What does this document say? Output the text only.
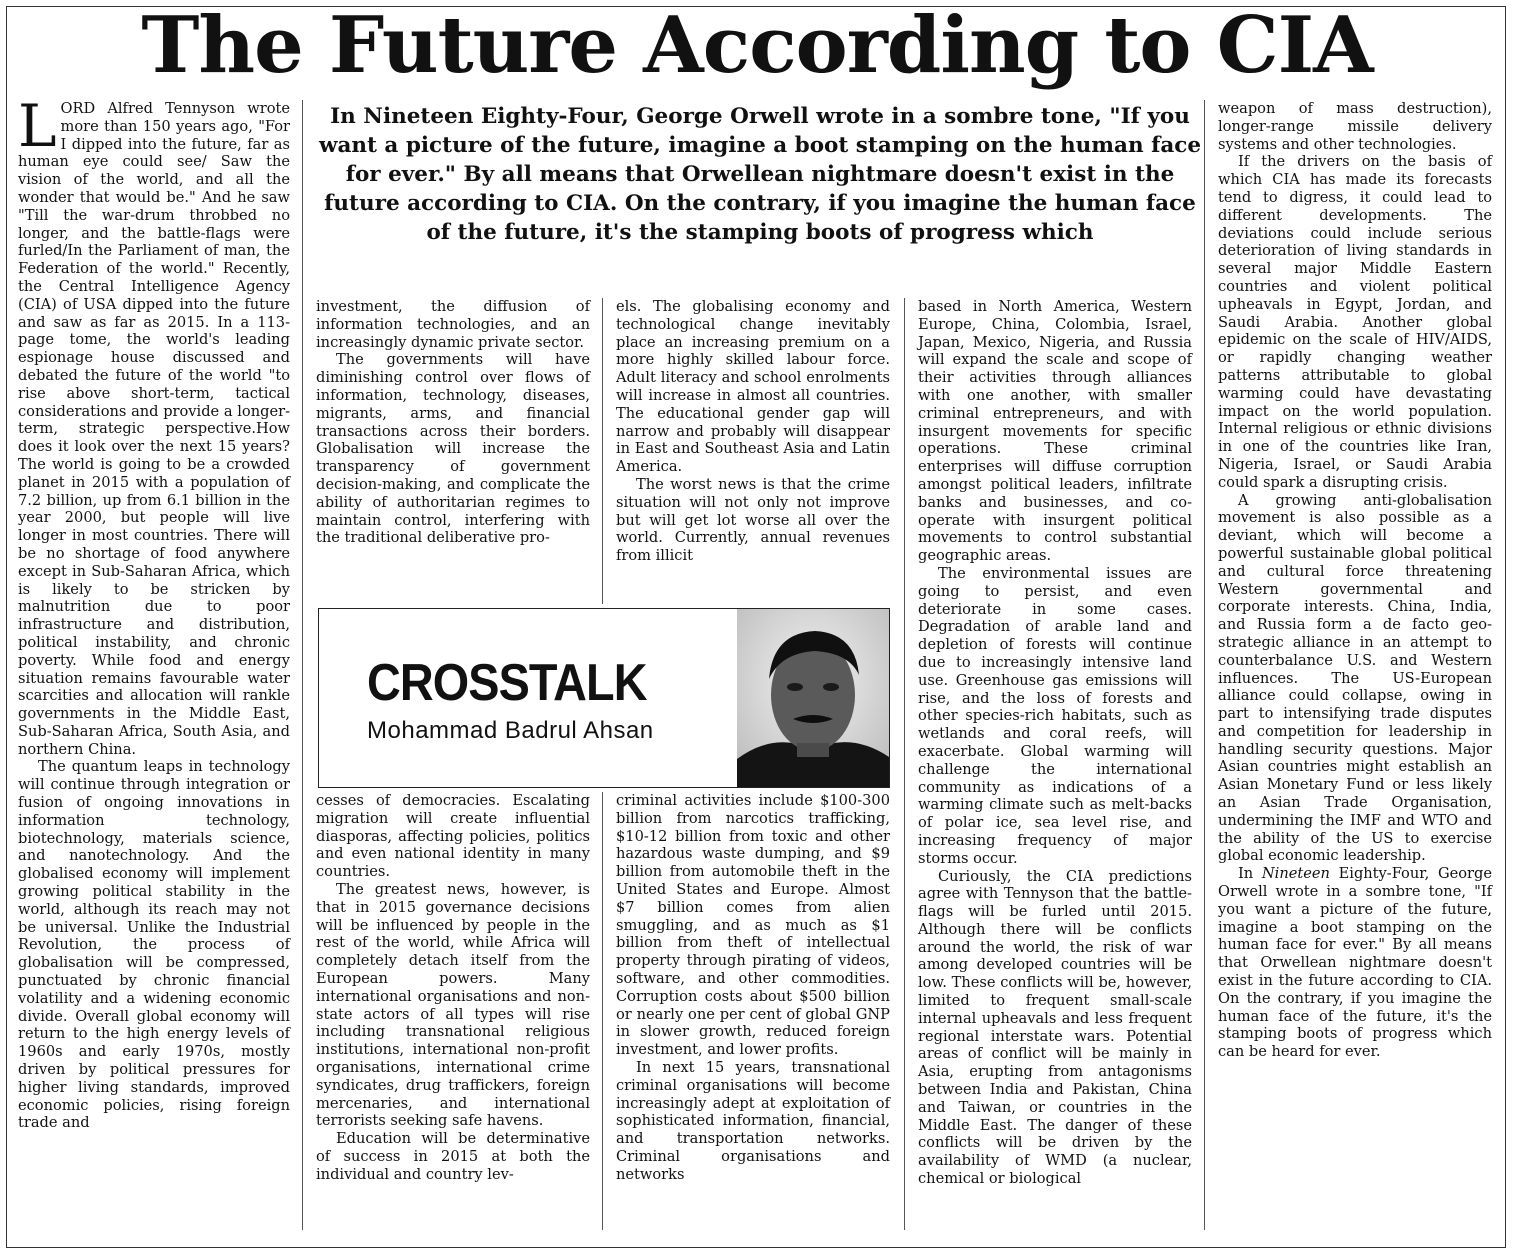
The Future According to CIA

LORD Alfred Tennyson wrote more than 150 years ago, "For I dipped into the future, far as human eye could see/ Saw the vision of the world, and all the wonder that would be." And he saw "Till the war-drum throbbed no longer, and the battle-flags were furled/In the Parliament of man, the Federation of the world." Recently, the Central Intelligence Agency (CIA) of USA dipped into the future and saw as far as 2015. In a 113-page tome, the world's leading espionage house discussed and debated the future of the world "to rise above short-term, tactical considerations and provide a longer-term, strategic perspective.How does it look over the next 15 years? The world is going to be a crowded planet in 2015 with a population of 7.2 billion, up from 6.1 billion in the year 2000, but people will live longer in most countries. There will be no shortage of food anywhere except in Sub-Saharan Africa, which is likely to be stricken by malnutrition due to poor infrastructure and distribution, political instability, and chronic poverty. While food and energy situation remains favourable water scarcities and allocation will rankle governments in the Middle East, Sub-Saharan Africa, South Asia, and northern China.

The quantum leaps in technology will continue through integration or fusion of ongoing innovations in information technology, biotechnology, materials science, and nanotechnology. And the globalised economy will implement growing political stability in the world, although its reach may not be universal. Unlike the Industrial Revolution, the process of globalisation will be compressed, punctuated by chronic financial volatility and a widening economic divide. Overall global economy will return to the high energy levels of 1960s and early 1970s, mostly driven by political pressures for higher living standards, improved economic policies, rising foreign trade and

In Nineteen Eighty-Four, George Orwell wrote in a sombre tone, "If you want a picture of the future, imagine a boot stamping on the human face for ever." By all means that Orwellean nightmare doesn't exist in the future according to CIA. On the contrary, if you imagine the human face of the future, it's the stamping boots of progress which

investment, the diffusion of information technologies, and an increasingly dynamic private sector.

The governments will have diminishing control over flows of information, technology, diseases, migrants, arms, and financial transactions across their borders. Globalisation will increase the transparency of government decision-making, and complicate the ability of authoritarian regimes to maintain control, interfering with the traditional deliberative pro-

els. The globalising economy and technological change inevitably place an increasing premium on a more highly skilled labour force. Adult literacy and school enrolments will increase in almost all countries. The educational gender gap will narrow and probably will disappear in East and Southeast Asia and Latin America.

The worst news is that the crime situation will not only not improve but will get lot worse all over the world. Currently, annual revenues from illicit

CROSSTALK
Mohammad Badrul Ahsan

cesses of democracies. Escalating migration will create influential diasporas, affecting policies, politics and even national identity in many countries.

The greatest news, however, is that in 2015 governance decisions will be influenced by people in the rest of the world, while Africa will completely detach itself from the European powers. Many international organisations and non-state actors of all types will rise including transnational religious institutions, international non-profit organisations, international crime syndicates, drug traffickers, foreign mercenaries, and international terrorists seeking safe havens.

Education will be determinative of success in 2015 at both the individual and country lev-

criminal activities include $100-300 billion from narcotics trafficking, $10-12 billion from toxic and other hazardous waste dumping, and $9 billion from automobile theft in the United States and Europe. Almost $7 billion comes from alien smuggling, and as much as $1 billion from theft of intellectual property through pirating of videos, software, and other commodities. Corruption costs about $500 billion or nearly one per cent of global GNP in slower growth, reduced foreign investment, and lower profits.

In next 15 years, transnational criminal organisations will become increasingly adept at exploitation of sophisticated information, financial, and transportation networks. Criminal organisations and networks

based in North America, Western Europe, China, Colombia, Israel, Japan, Mexico, Nigeria, and Russia will expand the scale and scope of their activities through alliances with one another, with smaller criminal entrepreneurs, and with insurgent movements for specific operations. These criminal enterprises will diffuse corruption amongst political leaders, infiltrate banks and businesses, and co-operate with insurgent political movements to control substantial geographic areas.

The environmental issues are going to persist, and even deteriorate in some cases. Degradation of arable land and depletion of forests will continue due to increasingly intensive land use. Greenhouse gas emissions will rise, and the loss of forests and other species-rich habitats, such as wetlands and coral reefs, will exacerbate. Global warming will challenge the international community as indications of a warming climate such as melt-backs of polar ice, sea level rise, and increasing frequency of major storms occur.

Curiously, the CIA predictions agree with Tennyson that the battle-flags will be furled until 2015. Although there will be conflicts around the world, the risk of war among developed countries will be low. These conflicts will be, however, limited to frequent small-scale internal upheavals and less frequent regional interstate wars. Potential areas of conflict will be mainly in Asia, erupting from antagonisms between India and Pakistan, China and Taiwan, or countries in the Middle East. The danger of these conflicts will be driven by the availability of WMD (a nuclear, chemical or biological

weapon of mass destruction), longer-range missile delivery systems and other technologies.

If the drivers on the basis of which CIA has made its forecasts tend to digress, it could lead to different developments. The deviations could include serious deterioration of living standards in several major Middle Eastern countries and violent political upheavals in Egypt, Jordan, and Saudi Arabia. Another global epidemic on the scale of HIV/AIDS, or rapidly changing weather patterns attributable to global warming could have devastating impact on the world population. Internal religious or ethnic divisions in one of the countries like Iran, Nigeria, Israel, or Saudi Arabia could spark a disrupting crisis.

A growing anti-globalisation movement is also possible as a deviant, which will become a powerful sustainable global political and cultural force threatening Western governmental and corporate interests. China, India, and Russia form a de facto geo-strategic alliance in an attempt to counterbalance U.S. and Western influences. The US-European alliance could collapse, owing in part to intensifying trade disputes and competition for leadership in handling security questions. Major Asian countries might establish an Asian Monetary Fund or less likely an Asian Trade Organisation, undermining the IMF and WTO and the ability of the US to exercise global economic leadership.

In Nineteen Eighty-Four, George Orwell wrote in a sombre tone, "If you want a picture of the future, imagine a boot stamping on the human face for ever." By all means that Orwellean nightmare doesn't exist in the future according to CIA. On the contrary, if you imagine the human face of the future, it's the stamping boots of progress which can be heard for ever.
